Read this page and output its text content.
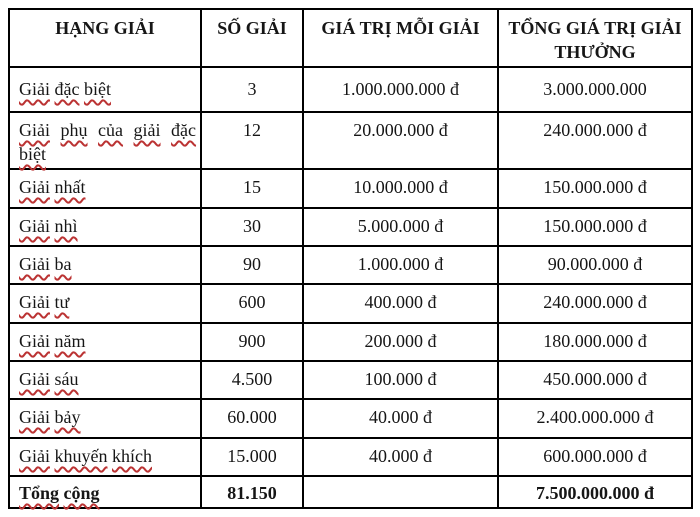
HẠNG GIẢI	SỐ GIẢI	GIÁ TRỊ MỖI GIẢI	TỔNG GIÁ TRỊ GIẢI THƯỞNG
Giải đặc biệt	3	1.000.000.000 đ	3.000.000.000
Giải phụ của giải đặc biệt	12	20.000.000 đ	240.000.000 đ
Giải nhất	15	10.000.000 đ	150.000.000 đ
Giải nhì	30	5.000.000 đ	150.000.000 đ
Giải ba	90	1.000.000 đ	90.000.000 đ
Giải tư	600	400.000 đ	240.000.000 đ
Giải năm	900	200.000 đ	180.000.000 đ
Giải sáu	4.500	100.000 đ	450.000.000 đ
Giải bảy	60.000	40.000 đ	2.400.000.000 đ
Giải khuyến khích	15.000	40.000 đ	600.000.000 đ
Tổng cộng	81.150		7.500.000.000 đ
